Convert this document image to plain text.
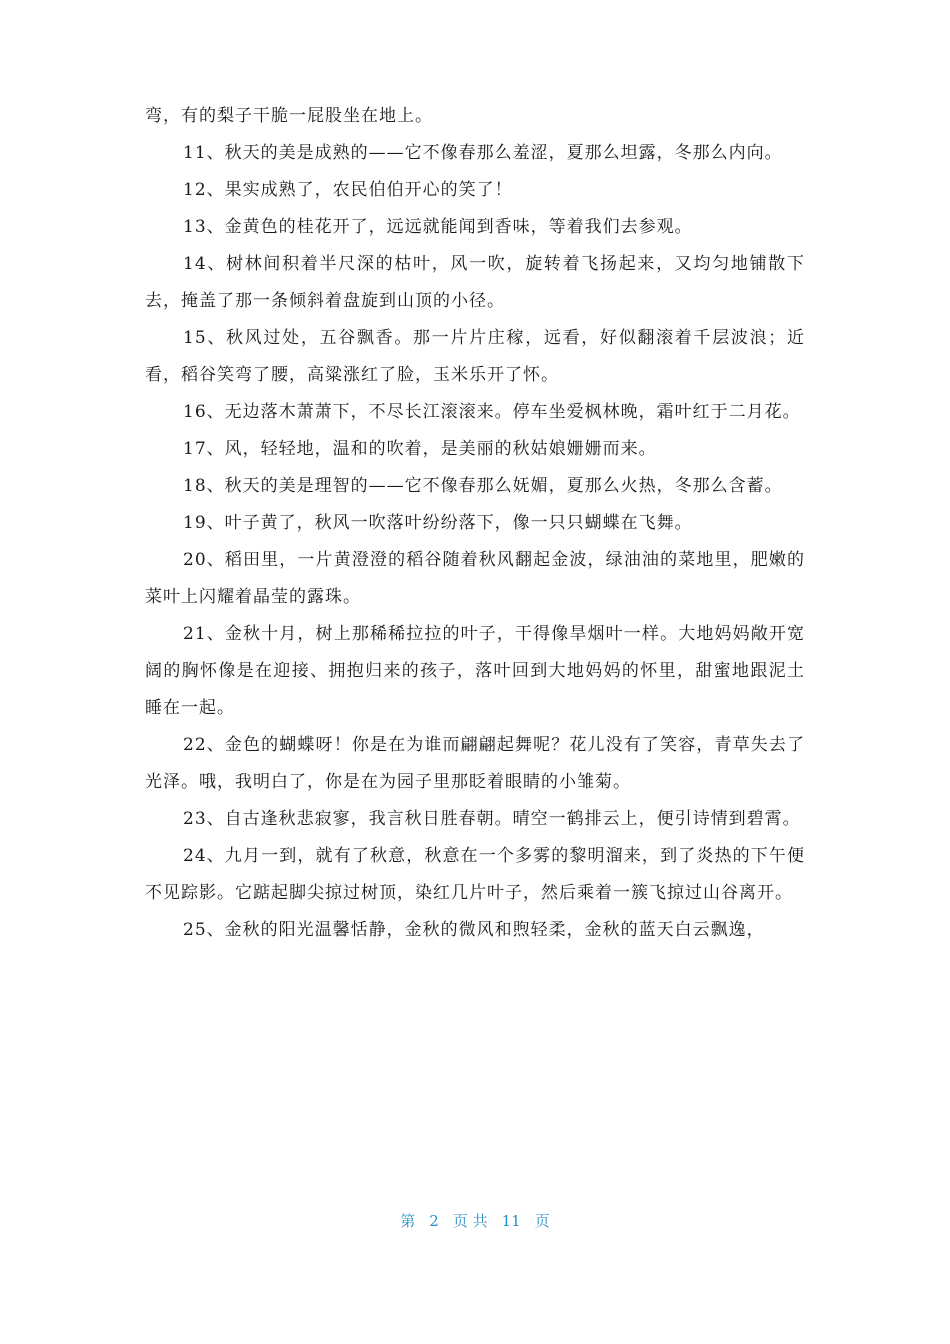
弯，有的梨子干脆一屁股坐在地上。

11、秋天的美是成熟的——它不像春那么羞涩，夏那么坦露，冬那么内向。

12、果实成熟了，农民伯伯开心的笑了！

13、金黄色的桂花开了，远远就能闻到香味，等着我们去参观。

14、树林间积着半尺深的枯叶，风一吹，旋转着飞扬起来，又均匀地铺散下去，掩盖了那一条倾斜着盘旋到山顶的小径。

15、秋风过处，五谷飘香。那一片片庄稼，远看，好似翻滚着千层波浪；近看，稻谷笑弯了腰，高粱涨红了脸，玉米乐开了怀。

16、无边落木萧萧下，不尽长江滚滚来。停车坐爱枫林晚，霜叶红于二月花。

17、风，轻轻地，温和的吹着，是美丽的秋姑娘姗姗而来。

18、秋天的美是理智的——它不像春那么妩媚，夏那么火热，冬那么含蓄。

19、叶子黄了，秋风一吹落叶纷纷落下，像一只只蝴蝶在飞舞。

20、稻田里，一片黄澄澄的稻谷随着秋风翻起金波，绿油油的菜地里，肥嫩的菜叶上闪耀着晶莹的露珠。

21、金秋十月，树上那稀稀拉拉的叶子，干得像旱烟叶一样。大地妈妈敞开宽阔的胸怀像是在迎接、拥抱归来的孩子，落叶回到大地妈妈的怀里，甜蜜地跟泥土睡在一起。

22、金色的蝴蝶呀！你是在为谁而翩翩起舞呢？花儿没有了笑容，青草失去了光泽。哦，我明白了，你是在为园子里那眨着眼睛的小雏菊。

23、自古逢秋悲寂寥，我言秋日胜春朝。晴空一鹤排云上，便引诗情到碧霄。

24、九月一到，就有了秋意，秋意在一个多雾的黎明溜来，到了炎热的下午便不见踪影。它踮起脚尖掠过树顶，染红几片叶子，然后乘着一簇飞掠过山谷离开。

25、金秋的阳光温馨恬静，金秋的微风和煦轻柔，金秋的蓝天白云飘逸，

第 2 页 共 11 页
